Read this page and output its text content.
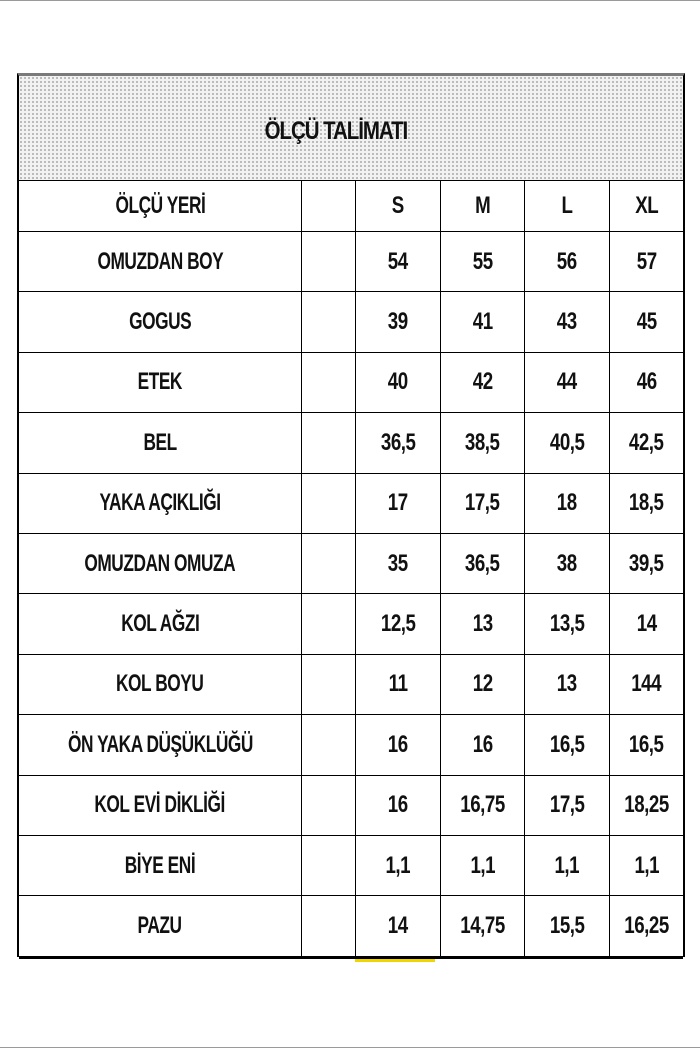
ÖLÇÜ TALİMATI
ÖLÇÜ YERİ	S	M	L	XL
OMUZDAN BOY	54	55	56 57
GOGUS	39	41	43 45
ETEK	40	42	44 46
BEL	36,5 38,5 40,5 42,5
YAKA AÇIKLIĞI	17 17,5 18 18,5
OMUZDAN OMUZA	35 36,5 38 39,5
KOL AĞZI	12,5 13 13,5 14
KOL BOYU	11	12	13 144
ÖN YAKA DÜŞÜKLÜĞÜ	16	16 16,5 16,5
KOL EVİ DİKLİĞİ	16 16,75 17,5 18,25
BİYE ENİ	1,1 1,1 1,1 1,1
PAZU	14 14,75 15,5 16,25
